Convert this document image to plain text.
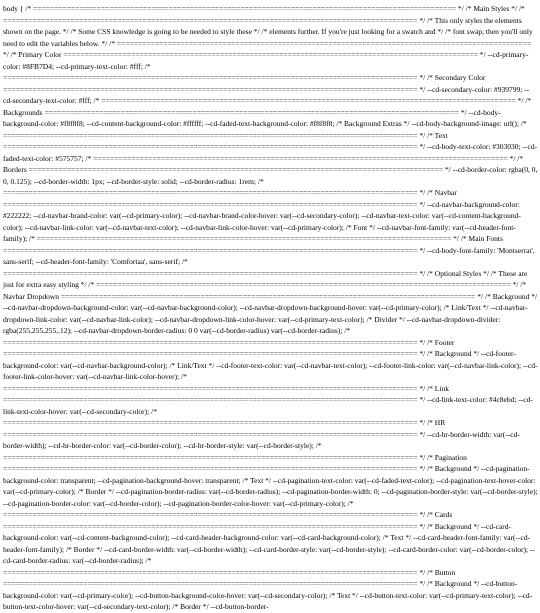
body { /* ==================================================================================================== */ /* Main Styles */ /* ================================================================================================== */ /* This only styles the elements shown on the page. */ /* Some CSS knowledge is going to be needed to style these */ /* elements further. If you're just looking for a swatch and */ /* font swap, then you'll only need to edit the variables below. */ /* ================================================================================================== */ /* Primary Color ================================================================================================== */ --cd-primary-color: #8FB7D4; --cd-primary-text-color: #fff; /* ================================================================================================== */ /* Secondary Color ================================================================================================== */ --cd-secondary-color: #939799; --cd-secondary-text-color: #fff; /* ================================================================================================== */ /* Backgrounds ================================================================================================== */ --cd-body-background-color: #f8f8f8; --cd-content-background-color: #ffffff; --cd-faded-text-background-color: #f8f8f8; /* Background Extras */ --cd-body-background-image: url(); /* ================================================================================================== */ /* Text ================================================================================================== */ --cd-body-text-color: #303030; --cd-faded-text-color: #575757; /* ================================================================================================== */ /* Borders ================================================================================================== */ --cd-border-color: rgba(0, 0, 0, 0.125); --cd-border-width: 1px; --cd-border-style: solid; --cd-border-radius: 1rem; /* ================================================================================================== */ /* Navbar ================================================================================================== */ --cd-navbar-background-color: #222222; --cd-navbar-brand-color: var(--cd-primary-color); --cd-navbar-brand-color-hover: var(--cd-secondary-color); --cd-navbar-text-color: var(--cd-content-background-color); --cd-navbar-link-color: var(--cd-navbar-text-color); --cd-navbar-link-color-hover: var(--cd-primary-color); /* Font */ --cd-navbar-font-family: var(--cd-header-font-family); /* ================================================================================================== */ /* Main Fonts ================================================================================================== */ --cd-body-font-family: 'Montserrat', sans-serif; --cd-header-font-family: 'Comfortaa', sans-serif; /* ================================================================================================== */ /* Optional Styles */ /* These are just for extra easy styling */ /* ================================================================================================== */ /* Navbar Dropdown ================================================================================================== */ /* Background */ --cd-navbar-dropdown-background-color: var(--cd-navbar-background-color); --cd-navbar-dropdown-background-hover: var(--cd-primary-color); /* Link/Text */ --cd-navbar-dropdown-link-color: var(--cd-navbar-link-color); --cd-navbar-dropdown-link-color-hover: var(--cd-primary-text-color); /* Divider */ --cd-navbar-dropdown-divider: rgba(255,255,255,.12); --cd-navbar-dropdown-border-radius: 0 0 var(--cd-border-radius) var(--cd-border-radius); /* ================================================================================================== */ /* Footer ================================================================================================== */ /* Background */ --cd-footer-background-color: var(--cd-navbar-background-color); /* Link/Text */ --cd-footer-text-color: var(--cd-navbar-text-color); --cd-footer-link-color: var(--cd-navbar-link-color); --cd-footer-link-color-hover: var(--cd-navbar-link-color-hover); /* ================================================================================================== */ /* Link ================================================================================================== */ --cd-link-text-color: #4c8ebd; --cd-link-text-color-hover: var(--cd-secondary-color); /* ================================================================================================== */ /* HR ================================================================================================== */ --cd-hr-border-width: var(--cd-border-width); --cd-hr-border-color: var(--cd-border-color); --cd-hr-border-style: var(--cd-border-style); /* ================================================================================================== */ /* Pagination ================================================================================================== */ /* Background */ --cd-pagination-background-color: transparent; --cd-pagination-background-hover: transparent; /* Text */ --cd-pagination-text-color: var(--cd-faded-text-color); --cd-pagination-text-hover-color: var(--cd-primary-color); /* Border */ --cd-pagination-border-radius: var(--cd-border-radius); --cd-pagination-border-width: 0; --cd-pagination-border-style: var(--cd-border-style); --cd-pagination-border-color: var(--cd-border-color); --cd-pagination-border-color-hover: var(--cd-primary-color); /* ================================================================================================== */ /* Cards ================================================================================================== */ /* Background */ --cd-card-background-color: var(--cd-content-background-color); --cd-card-header-background-color: var(--cd-card-background-color); /* Text */ --cd-card-header-font-family: var(--cd-header-font-family); /* Border */ --cd-card-border-width: var(--cd-border-width); --cd-card-border-style: var(--cd-border-style); --cd-card-border-color: var(--cd-border-color); --cd-card-border-radius: var(--cd-border-radius); /* ================================================================================================== */ /* Button ================================================================================================== */ /* Background */ --cd-button-background-color: var(--cd-primary-color); --cd-button-background-color-hover: var(--cd-secondary-color); /* Text */ --cd-button-text-color: var(--cd-primary-text-color); --cd-button-text-color-hover: var(--cd-secondary-text-color); /* Border */ --cd-button-border-
